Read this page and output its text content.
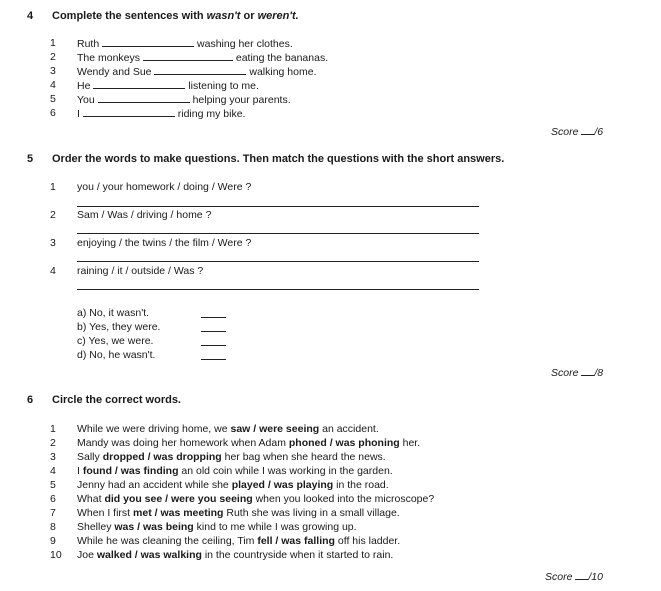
4 Complete the sentences with wasn't or weren't.
1	Ruth	washing her clothes.
2	The monkeys	eating the bananas.
3	Wendy and Sue	walking home.
4	He	listening to me.
5	You	helping your parents.
6	I	riding my bike.
Score /6
5 Order the words to make questions. Then match the questions with the short answers.
1	you / your homework / doing / Were ?
2	Sam / Was / driving / home ?
3	enjoying / the twins / the film / Were ?
4	raining / it / outside / Was ?
a) No, it wasn't.
b) Yes, they were.
c) Yes, we were.
d) No, he wasn't.
Score /8
6 Circle the correct words.
1	While we were driving home, we saw / were seeing an accident.
2	Mandy was doing her homework when Adam phoned / was phoning her.
3	Sally dropped / was dropping her bag when she heard the news.
4	I found / was finding an old coin while I was working in the garden.
5	Jenny had an accident while she played / was playing in the road.
6	What did you see / were you seeing when you looked into the microscope?
7	When I first met / was meeting Ruth she was living in a small village.
8	Shelley was / was being kind to me while I was growing up.
9	While he was cleaning the ceiling, Tim fell / was falling off his ladder.
10	Joe walked / was walking in the countryside when it started to rain.
Score /10
